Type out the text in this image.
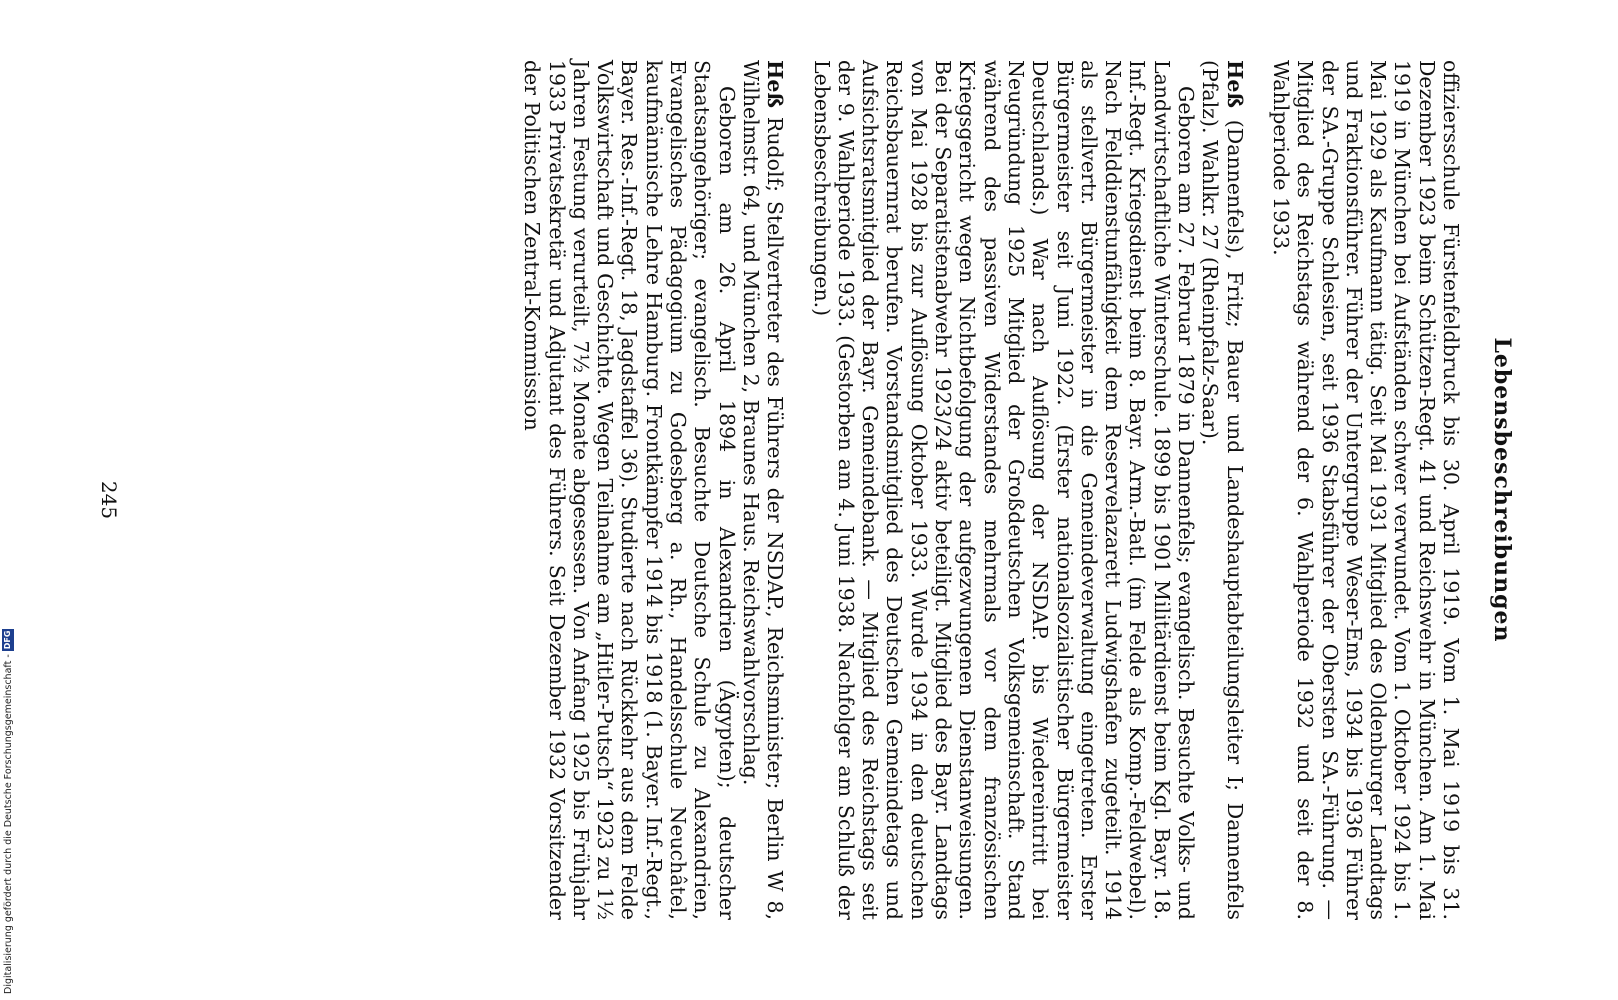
Lebensbeschreibungen

offiziersschule Fürstenfeldbruck bis 30. April 1919. Vom 1. Mai 1919 bis 31. Dezember 1923 beim Schützen-Regt. 41 und Reichswehr in München. Am 1. Mai 1919 in München bei Aufständen schwer verwundet. Vom 1. Oktober 1924 bis 1. Mai 1929 als Kaufmann tätig. Seit Mai 1931 Mitglied des Oldenburger Landtags und Fraktionsführer. Führer der Untergruppe Weser-Ems, 1934 bis 1936 Führer der SA.-Gruppe Schlesien, seit 1936 Stabsführer der Obersten SA.-Führung. — Mitglied des Reichstags während der 6. Wahlperiode 1932 und seit der 8. Wahlperiode 1933.

Heß (Dannenfels), Fritz; Bauer und Landeshauptabteilungsleiter I; Dannenfels (Pfalz). Wahlkr. 27 (Rheinpfalz-Saar).

Geboren am 27. Februar 1879 in Dannenfels; evangelisch. Besuchte Volks- und Landwirtschaftliche Winterschule. 1899 bis 1901 Militärdienst beim Kgl. Bayr. 18. Inf.-Regt. Kriegsdienst beim 8. Bayr. Arm.-Batl. (im Felde als Komp.-Feldwebel). Nach Felddienstunfähigkeit dem Reservelazarett Ludwigshafen zugeteilt. 1914 als stellvertr. Bürgermeister in die Gemeindeverwaltung eingetreten. Erster Bürgermeister seit Juni 1922. (Erster nationalsozialistischer Bürgermeister Deutschlands.) War nach Auflösung der NSDAP. bis Wiedereintritt bei Neugründung 1925 Mitglied der Großdeutschen Volksgemeinschaft. Stand während des passiven Widerstandes mehrmals vor dem französischen Kriegsgericht wegen Nichtbefolgung der aufgezwungenen Dienstanweisungen. Bei der Separatistenabwehr 1923/24 aktiv beteiligt. Mitglied des Bayr. Landtags von Mai 1928 bis zur Auflösung Oktober 1933. Wurde 1934 in den deutschen Reichsbauernrat berufen. Vorstandsmitglied des Deutschen Gemeindetags und Aufsichtsratsmitglied der Bayr. Gemeindebank. — Mitglied des Reichstags seit der 9. Wahlperiode 1933. (Gestorben am 4. Juni 1938. Nachfolger am Schluß der Lebensbeschreibungen.)

Heß Rudolf; Stellvertreter des Führers der NSDAP., Reichsminister; Berlin W 8, Wilhelmstr. 64, und München 2, Braunes Haus. Reichswahlvorschlag.

Geboren am 26. April 1894 in Alexandrien (Ägypten); deutscher Staatsangehöriger; evangelisch. Besuchte Deutsche Schule zu Alexandrien, Evangelisches Pädagogium zu Godesberg a. Rh., Handelsschule Neuchâtel, kaufmännische Lehre Hamburg. Frontkämpfer 1914 bis 1918 (1. Bayer. Inf.-Regt., Bayer. Res.-Inf.-Regt. 18, Jagdstaffel 36). Studierte nach Rückkehr aus dem Felde Volkswirtschaft und Geschichte. Wegen Teilnahme am „Hitler-Putsch“ 1923 zu 1½ Jahren Festung verurteilt, 7½ Monate abgesessen. Von Anfang 1925 bis Frühjahr 1933 Privatsekretär und Adjutant des Führers. Seit Dezember 1932 Vorsitzender der Politischen Zentral-Kommission

245
Digitalisierung gefördert durch die Deutsche Forschungsgemeinschaft -
DFG
